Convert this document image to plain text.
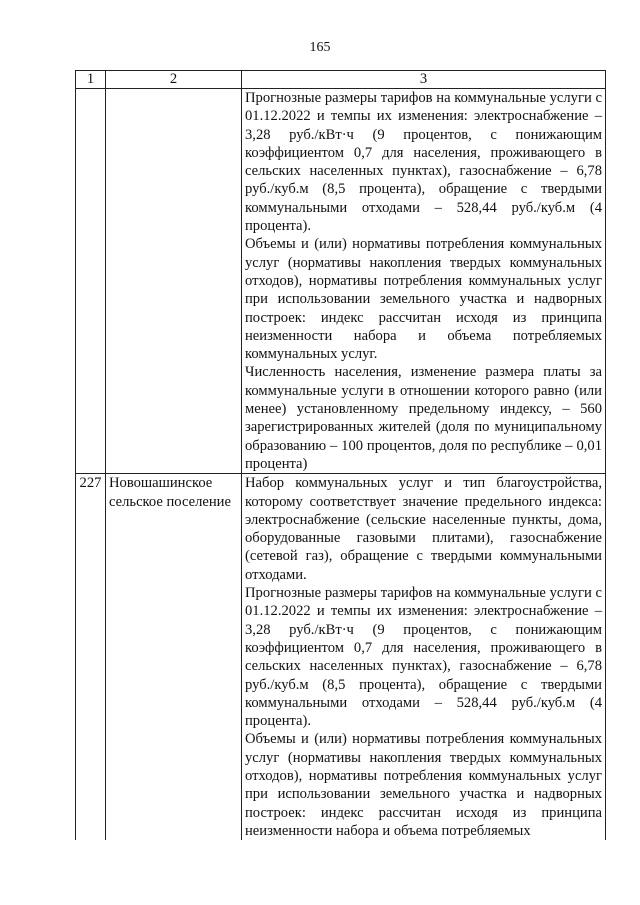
165
1	2	3

		Прогнозные размеры тарифов на коммунальные услуги с 01.12.2022 и темпы их изменения: электроснабжение – 3,28 руб./кВт·ч (9 процентов, с понижающим коэффициентом 0,7 для населения, проживающего в сельских населенных пунктах), газоснабжение – 6,78 руб./куб.м (8,5 процента), обращение с твердыми коммунальными отходами – 528,44 руб./куб.м (4 процента).

Объемы и (или) нормативы потребления коммунальных услуг (нормативы накопления твердых коммунальных отходов), нормативы потребления коммунальных услуг при использовании земельного участка и надворных построек: индекс рассчитан исходя из принципа неизменности набора и объема потребляемых коммунальных услуг.

Численность населения, изменение размера платы за коммунальные услуги в отношении которого равно (или менее) установленному предельному индексу, – 560 зарегистрированных жителей (доля по муниципальному образованию – 100 процентов, доля по республике – 0,01 процента)

227	Новошашинское сельское поселение	Набор коммунальных услуг и тип благоустройства, которому соответствует значение предельного индекса: электроснабжение (сельские населенные пункты, дома, оборудованные газовыми плитами), газоснабжение (сетевой газ), обращение с твердыми коммунальными отходами.

Прогнозные размеры тарифов на коммунальные услуги с 01.12.2022 и темпы их изменения: электроснабжение – 3,28 руб./кВт·ч (9 процентов, с понижающим коэффициентом 0,7 для населения, проживающего в сельских населенных пунктах), газоснабжение – 6,78 руб./куб.м (8,5 процента), обращение с твердыми коммунальными отходами – 528,44 руб./куб.м (4 процента).

Объемы и (или) нормативы потребления коммунальных услуг (нормативы накопления твердых коммунальных отходов), нормативы потребления коммунальных услуг при использовании земельного участка и надворных построек: индекс рассчитан исходя из принципа неизменности набора и объема потребляемых
